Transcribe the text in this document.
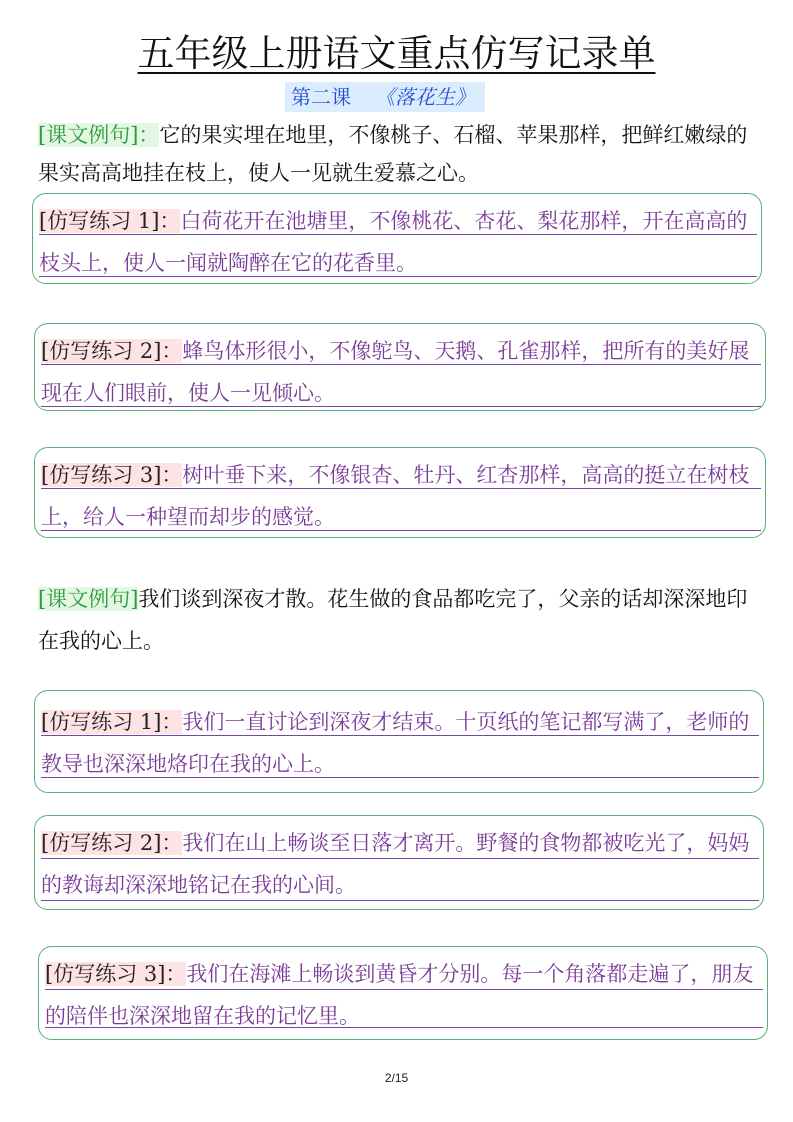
五年级上册语文重点仿写记录单
第二课 《落花生》
[课文例句]：它的果实埋在地里，不像桃子、石榴、苹果那样，把鲜红嫩绿的果实高高地挂在枝上，使人一见就生爱慕之心。
[仿写练习 1]：白荷花开在池塘里，不像桃花、杏花、梨花那样，开在高高的枝头上，使人一闻就陶醉在它的花香里。
[仿写练习 2]：蜂鸟体形很小，不像鸵鸟、天鹅、孔雀那样，把所有的美好展现在人们眼前，使人一见倾心。
[仿写练习 3]：树叶垂下来，不像银杏、牡丹、红杏那样，高高的挺立在树枝上，给人一种望而却步的感觉。
[课文例句]我们谈到深夜才散。花生做的食品都吃完了，父亲的话却深深地印在我的心上。
[仿写练习 1]：我们一直讨论到深夜才结束。十页纸的笔记都写满了，老师的教导也深深地烙印在我的心上。
[仿写练习 2]：我们在山上畅谈至日落才离开。野餐的食物都被吃光了，妈妈的教诲却深深地铭记在我的心间。
[仿写练习 3]：我们在海滩上畅谈到黄昏才分别。每一个角落都走遍了，朋友的陪伴也深深地留在我的记忆里。
2/15
